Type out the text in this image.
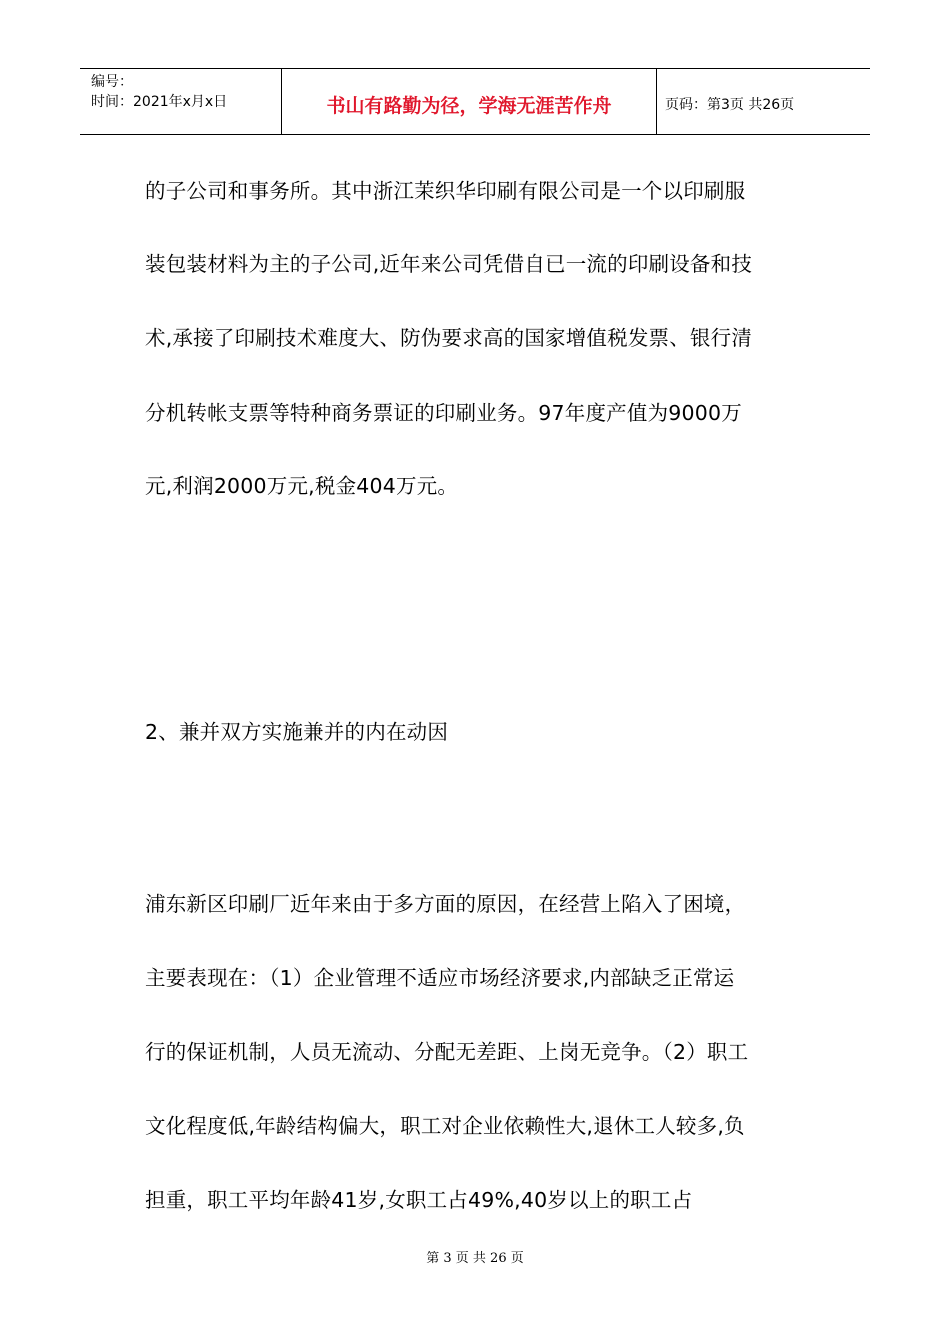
编号：
时间：2021年x月x日	书山有路勤为径，学海无涯苦作舟	页码：第3页 共26页
的子公司和事务所。其中浙江茉织华印刷有限公司是一个以印刷服
装包装材料为主的子公司,近年来公司凭借自已一流的印刷设备和技
术,承接了印刷技术难度大、防伪要求高的国家增值税发票、银行清
分机转帐支票等特种商务票证的印刷业务。97年度产值为9000万
元,利润2000万元,税金404万元。
2、兼并双方实施兼并的内在动因
浦东新区印刷厂近年来由于多方面的原因，在经营上陷入了困境，
主要表现在：（1）企业管理不适应市场经济要求,内部缺乏正常运
行的保证机制，人员无流动、分配无差距、上岗无竞争。（2）职工
文化程度低,年龄结构偏大，职工对企业依赖性大,退休工人较多,负
担重，职工平均年龄41岁,女职工占49%,40岁以上的职工占
第 3 页 共 26 页
